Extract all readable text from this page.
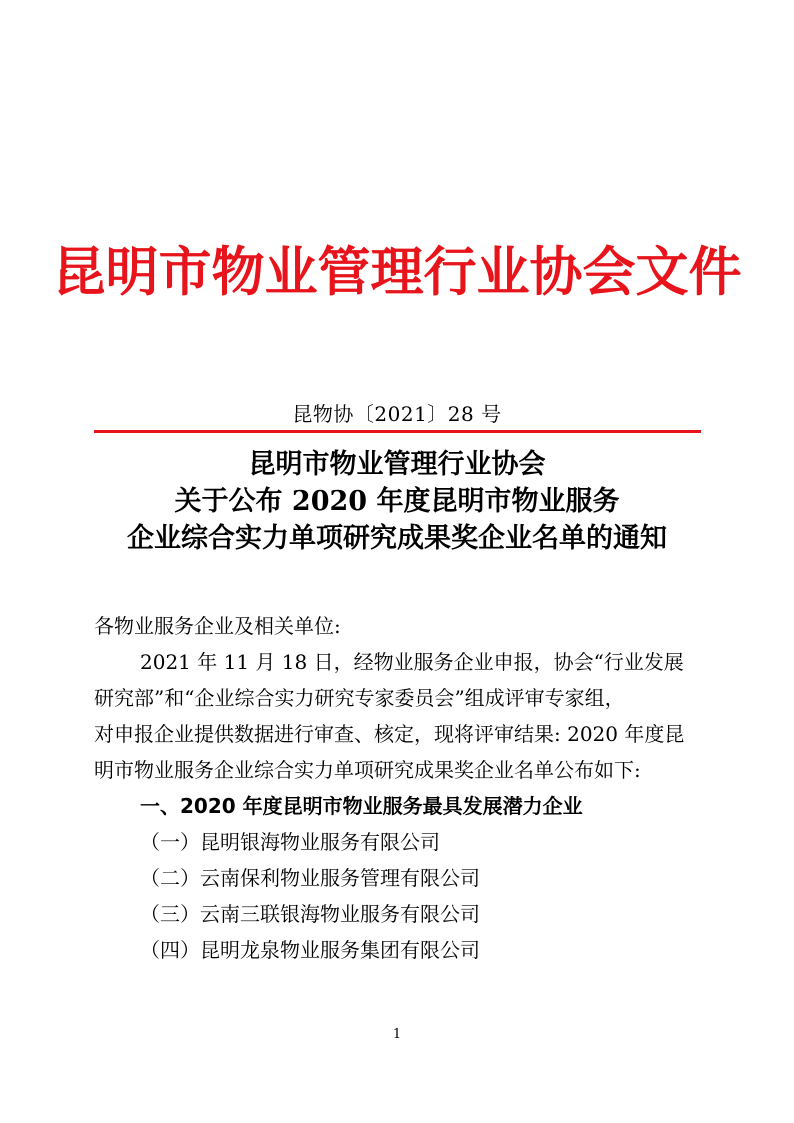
昆明市物业管理行业协会文件
昆物协〔2021〕28 号
昆明市物业管理行业协会
关于公布 2020 年度昆明市物业服务
企业综合实力单项研究成果奖企业名单的通知
各物业服务企业及相关单位:
2021 年 11 月 18 日，经物业服务企业申报，协会“行业发展
研究部”和“企业综合实力研究专家委员会”组成评审专家组，
对申报企业提供数据进行审查、核定，现将评审结果: 2020 年度昆
明市物业服务企业综合实力单项研究成果奖企业名单公布如下:
一、2020 年度昆明市物业服务最具发展潜力企业
（一）昆明银海物业服务有限公司
（二）云南保利物业服务管理有限公司
（三）云南三联银海物业服务有限公司
（四）昆明龙泉物业服务集团有限公司
1
